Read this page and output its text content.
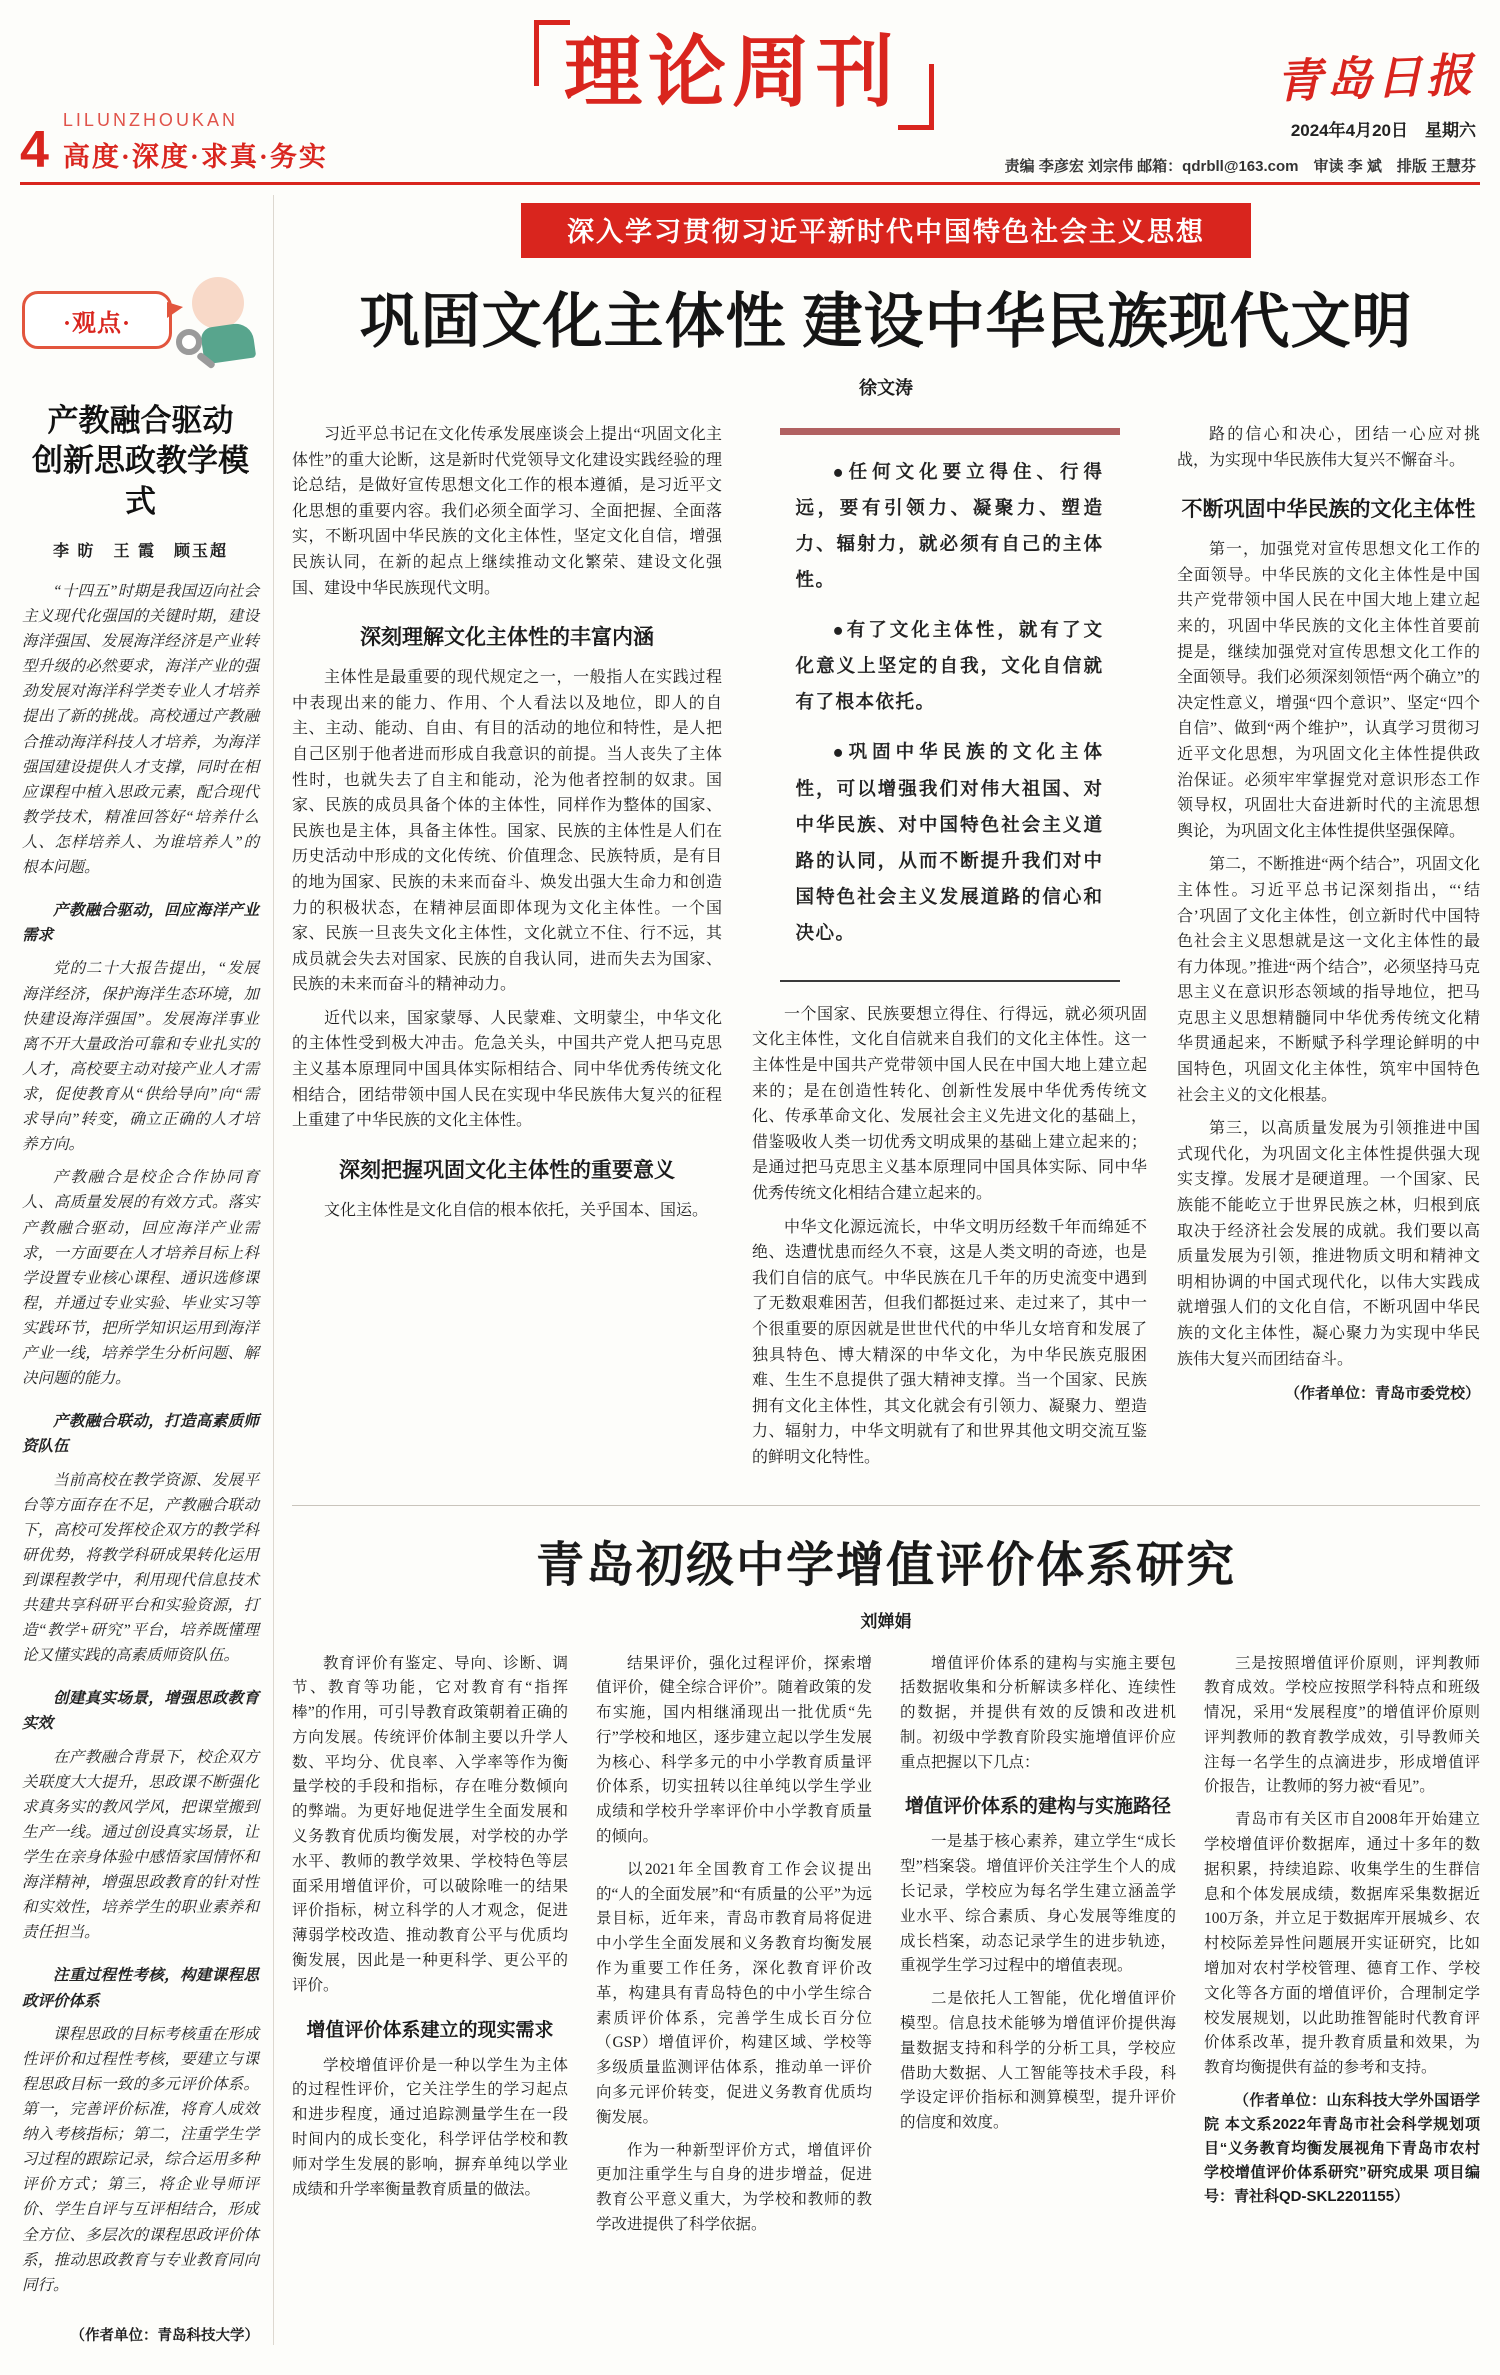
4
LILUNZHOUKAN
高度·深度·求真·务实
理论周刊	青岛日报
2024年4月20日　星期六
责编 李彦宏 刘宗伟 邮箱：qdrbll@163.com　审读 李 斌　排版 王慧芬
·观点·
产教融合驱动
创新思政教学模式
李 昉　王 霞　顾玉超

“十四五”时期是我国迈向社会主义现代化强国的关键时期，建设海洋强国、发展海洋经济是产业转型升级的必然要求，海洋产业的强劲发展对海洋科学类专业人才培养提出了新的挑战。高校通过产教融合推动海洋科技人才培养，为海洋强国建设提供人才支撑，同时在相应课程中植入思政元素，配合现代教学技术，精准回答好“培养什么人、怎样培养人、为谁培养人”的根本问题。

产教融合驱动，回应海洋产业需求

党的二十大报告提出，“发展海洋经济，保护海洋生态环境，加快建设海洋强国”。发展海洋事业离不开大量政治可靠和专业扎实的人才，高校要主动对接产业人才需求，促使教育从“供给导向”向“需求导向”转变，确立正确的人才培养方向。

产教融合是校企合作协同育人、高质量发展的有效方式。落实产教融合驱动，回应海洋产业需求，一方面要在人才培养目标上科学设置专业核心课程、通识选修课程，并通过专业实验、毕业实习等实践环节，把所学知识运用到海洋产业一线，培养学生分析问题、解决问题的能力。

产教融合联动，打造高素质师资队伍

当前高校在教学资源、发展平台等方面存在不足，产教融合联动下，高校可发挥校企双方的教学科研优势，将教学科研成果转化运用到课程教学中，利用现代信息技术共建共享科研平台和实验资源，打造“教学+研究”平台，培养既懂理论又懂实践的高素质师资队伍。

创建真实场景，增强思政教育实效

在产教融合背景下，校企双方关联度大大提升，思政课不断强化求真务实的教风学风，把课堂搬到生产一线。通过创设真实场景，让学生在亲身体验中感悟家国情怀和海洋精神，增强思政教育的针对性和实效性，培养学生的职业素养和责任担当。

注重过程性考核，构建课程思政评价体系

课程思政的目标考核重在形成性评价和过程性考核，要建立与课程思政目标一致的多元评价体系。第一，完善评价标准，将育人成效纳入考核指标；第二，注重学生学习过程的跟踪记录，综合运用多种评价方式；第三，将企业导师评价、学生自评与互评相结合，形成全方位、多层次的课程思政评价体系，推动思政教育与专业教育同向同行。

（作者单位：青岛科技大学）
深入学习贯彻习近平新时代中国特色社会主义思想
巩固文化主体性 建设中华民族现代文明
徐文涛

习近平总书记在文化传承发展座谈会上提出“巩固文化主体性”的重大论断，这是新时代党领导文化建设实践经验的理论总结，是做好宣传思想文化工作的根本遵循，是习近平文化思想的重要内容。我们必须全面学习、全面把握、全面落实，不断巩固中华民族的文化主体性，坚定文化自信，增强民族认同，在新的起点上继续推动文化繁荣、建设文化强国、建设中华民族现代文明。

深刻理解文化主体性的丰富内涵

主体性是最重要的现代规定之一，一般指人在实践过程中表现出来的能力、作用、个人看法以及地位，即人的自主、主动、能动、自由、有目的活动的地位和特性，是人把自己区别于他者进而形成自我意识的前提。当人丧失了主体性时，也就失去了自主和能动，沦为他者控制的奴隶。国家、民族的成员具备个体的主体性，同样作为整体的国家、民族也是主体，具备主体性。国家、民族的主体性是人们在历史活动中形成的文化传统、价值理念、民族特质，是有目的地为国家、民族的未来而奋斗、焕发出强大生命力和创造力的积极状态，在精神层面即体现为文化主体性。一个国家、民族一旦丧失文化主体性，文化就立不住、行不远，其成员就会失去对国家、民族的自我认同，进而失去为国家、民族的未来而奋斗的精神动力。

近代以来，国家蒙辱、人民蒙难、文明蒙尘，中华文化的主体性受到极大冲击。危急关头，中国共产党人把马克思主义基本原理同中国具体实际相结合、同中华优秀传统文化相结合，团结带领中国人民在实现中华民族伟大复兴的征程上重建了中华民族的文化主体性。

深刻把握巩固文化主体性的重要意义

文化主体性是文化自信的根本依托，关乎国本、国运。

●任何文化要立得住、行得远，要有引领力、凝聚力、塑造力、辐射力，就必须有自己的主体性。

●有了文化主体性，就有了文化意义上坚定的自我，文化自信就有了根本依托。

●巩固中华民族的文化主体性，可以增强我们对伟大祖国、对中华民族、对中国特色社会主义道路的认同，从而不断提升我们对中国特色社会主义发展道路的信心和决心。

一个国家、民族要想立得住、行得远，就必须巩固文化主体性，文化自信就来自我们的文化主体性。这一主体性是中国共产党带领中国人民在中国大地上建立起来的；是在创造性转化、创新性发展中华优秀传统文化、传承革命文化、发展社会主义先进文化的基础上，借鉴吸收人类一切优秀文明成果的基础上建立起来的；是通过把马克思主义基本原理同中国具体实际、同中华优秀传统文化相结合建立起来的。

中华文化源远流长，中华文明历经数千年而绵延不绝、迭遭忧患而经久不衰，这是人类文明的奇迹，也是我们自信的底气。中华民族在几千年的历史流变中遇到了无数艰难困苦，但我们都挺过来、走过来了，其中一个很重要的原因就是世世代代的中华儿女培育和发展了独具特色、博大精深的中华文化，为中华民族克服困难、生生不息提供了强大精神支撑。当一个国家、民族拥有文化主体性，其文化就会有引领力、凝聚力、塑造力、辐射力，中华文明就有了和世界其他文明交流互鉴的鲜明文化特性。

路的信心和决心，团结一心应对挑战，为实现中华民族伟大复兴不懈奋斗。

不断巩固中华民族的文化主体性

第一，加强党对宣传思想文化工作的全面领导。中华民族的文化主体性是中国共产党带领中国人民在中国大地上建立起来的，巩固中华民族的文化主体性首要前提是，继续加强党对宣传思想文化工作的全面领导。我们必须深刻领悟“两个确立”的决定性意义，增强“四个意识”、坚定“四个自信”、做到“两个维护”，认真学习贯彻习近平文化思想，为巩固文化主体性提供政治保证。必须牢牢掌握党对意识形态工作领导权，巩固壮大奋进新时代的主流思想舆论，为巩固文化主体性提供坚强保障。

第二，不断推进“两个结合”，巩固文化主体性。习近平总书记深刻指出，“‘结合’巩固了文化主体性，创立新时代中国特色社会主义思想就是这一文化主体性的最有力体现。”推进“两个结合”，必须坚持马克思主义在意识形态领域的指导地位，把马克思主义思想精髓同中华优秀传统文化精华贯通起来，不断赋予科学理论鲜明的中国特色，巩固文化主体性，筑牢中国特色社会主义的文化根基。

第三，以高质量发展为引领推进中国式现代化，为巩固文化主体性提供强大现实支撑。发展才是硬道理。一个国家、民族能不能屹立于世界民族之林，归根到底取决于经济社会发展的成就。我们要以高质量发展为引领，推进物质文明和精神文明相协调的中国式现代化，以伟大实践成就增强人们的文化自信，不断巩固中华民族的文化主体性，凝心聚力为实现中华民族伟大复兴而团结奋斗。

（作者单位：青岛市委党校）
青岛初级中学增值评价体系研究
刘婵娟

教育评价有鉴定、导向、诊断、调节、教育等功能，它对教育有“指挥棒”的作用，可引导教育政策朝着正确的方向发展。传统评价体制主要以升学人数、平均分、优良率、入学率等作为衡量学校的手段和指标，存在唯分数倾向的弊端。为更好地促进学生全面发展和义务教育优质均衡发展，对学校的办学水平、教师的教学效果、学校特色等层面采用增值评价，可以破除唯一的结果评价指标，树立科学的人才观念，促进薄弱学校改造、推动教育公平与优质均衡发展，因此是一种更科学、更公平的评价。

增值评价体系建立的现实需求

学校增值评价是一种以学生为主体的过程性评价，它关注学生的学习起点和进步程度，通过追踪测量学生在一段时间内的成长变化，科学评估学校和教师对学生发展的影响，摒弃单纯以学业成绩和升学率衡量教育质量的做法。

结果评价，强化过程评价，探索增值评价，健全综合评价”。随着政策的发布实施，国内相继涌现出一批优质“先行”学校和地区，逐步建立起以学生发展为核心、科学多元的中小学教育质量评价体系，切实扭转以往单纯以学生学业成绩和学校升学率评价中小学教育质量的倾向。

以2021年全国教育工作会议提出的“人的全面发展”和“有质量的公平”为远景目标，近年来，青岛市教育局将促进中小学生全面发展和义务教育均衡发展作为重要工作任务，深化教育评价改革，构建具有青岛特色的中小学生综合素质评价体系，完善学生成长百分位（GSP）增值评价，构建区域、学校等多级质量监测评估体系，推动单一评价向多元评价转变，促进义务教育优质均衡发展。

作为一种新型评价方式，增值评价更加注重学生与自身的进步增益，促进教育公平意义重大，为学校和教师的教学改进提供了科学依据。

增值评价体系的建构与实施主要包括数据收集和分析解读多样化、连续性的数据，并提供有效的反馈和改进机制。初级中学教育阶段实施增值评价应重点把握以下几点：

增值评价体系的建构与实施路径

一是基于核心素养，建立学生“成长型”档案袋。增值评价关注学生个人的成长记录，学校应为每名学生建立涵盖学业水平、综合素质、身心发展等维度的成长档案，动态记录学生的进步轨迹，重视学生学习过程中的增值表现。

二是依托人工智能，优化增值评价模型。信息技术能够为增值评价提供海量数据支持和科学的分析工具，学校应借助大数据、人工智能等技术手段，科学设定评价指标和测算模型，提升评价的信度和效度。

三是按照增值评价原则，评判教师教育成效。学校应按照学科特点和班级情况，采用“发展程度”的增值评价原则评判教师的教育教学成效，引导教师关注每一名学生的点滴进步，形成增值评价报告，让教师的努力被“看见”。

青岛市有关区市自2008年开始建立学校增值评价数据库，通过十多年的数据积累，持续追踪、收集学生的生群信息和个体发展成绩，数据库采集数据近100万条，并立足于数据库开展城乡、农村校际差异性问题展开实证研究，比如增加对农村学校管理、德育工作、学校文化等各方面的增值评价，合理制定学校发展规划，以此助推智能时代教育评价体系改革，提升教育质量和效果，为教育均衡提供有益的参考和支持。

（作者单位：山东科技大学外国语学院 本文系2022年青岛市社会科学规划项目“义务教育均衡发展视角下青岛市农村学校增值评价体系研究”研究成果 项目编号：青社科QD-SKL2201155）
